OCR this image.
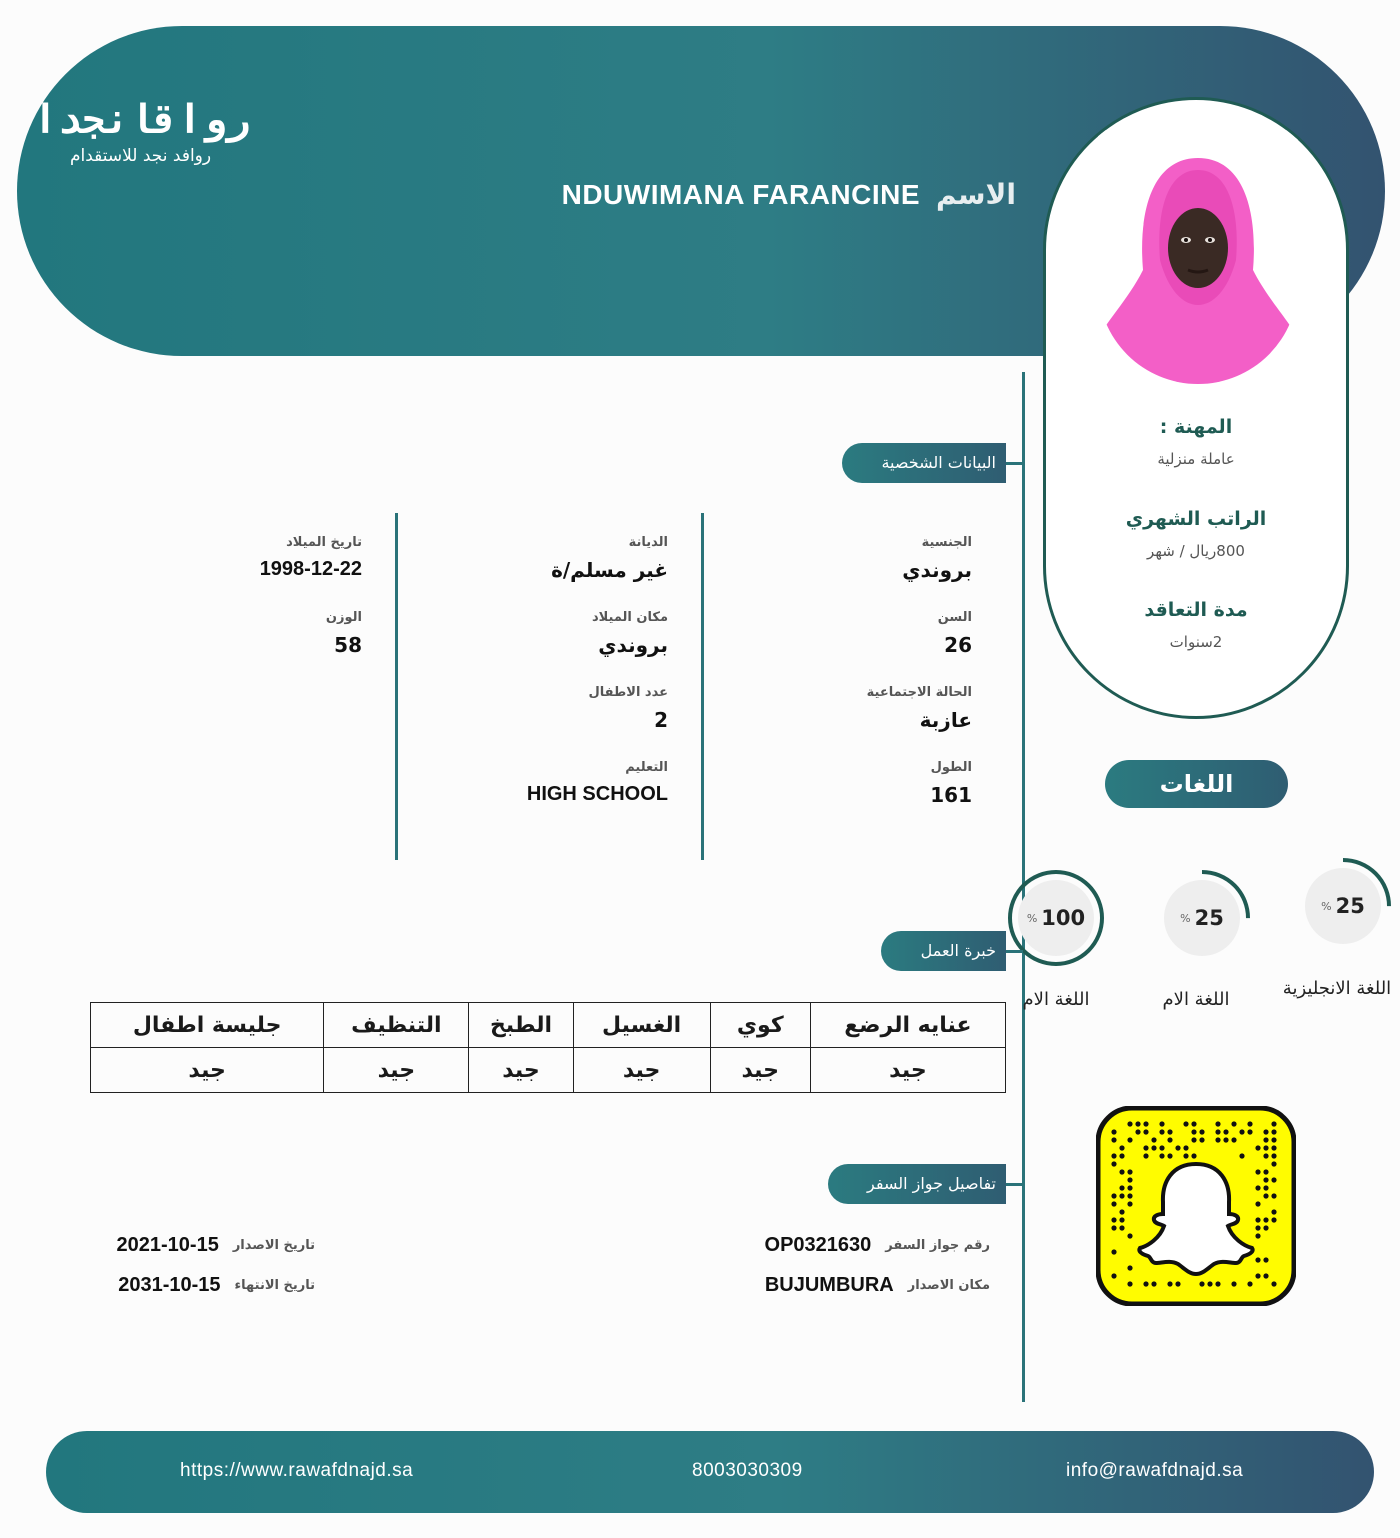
رواقانجدا
روافد نجد للاستقدام
الاسم
NDUWIMANA FARANCINE
المهنة :
عاملة منزلية
الراتب الشهري
800ريال / شهر
مدة التعاقد
2سنوات
البيانات الشخصية
الجنسية
بروندي
السن
26
الحالة الاجتماعية
عازبة
الطول
161
الديانة
غير مسلم/ة
مكان الميلاد
بروندي
عدد الاطفال
2
التعليم
HIGH SCHOOL
تاريخ الميلاد
1998-12-22
الوزن
58
اللغات
% 25
اللغة الانجليزية
% 25
اللغة الام
% 100
اللغة الام
خبرة العمل
عنايه الرضع	كوي	الغسيل	الطبخ	التنظيف	جليسة اطفال
جيد	جيد	جيد	جيد	جيد	جيد
تفاصيل جواز السفر
رقم جواز السفر
OP0321630
مكان الاصدار
BUJUMBURA
تاريخ الاصدار
2021-10-15
تاريخ الانتهاء
2031-10-15
https://www.rawafdnajd.sa	8003030309	info@rawafdnajd.sa
